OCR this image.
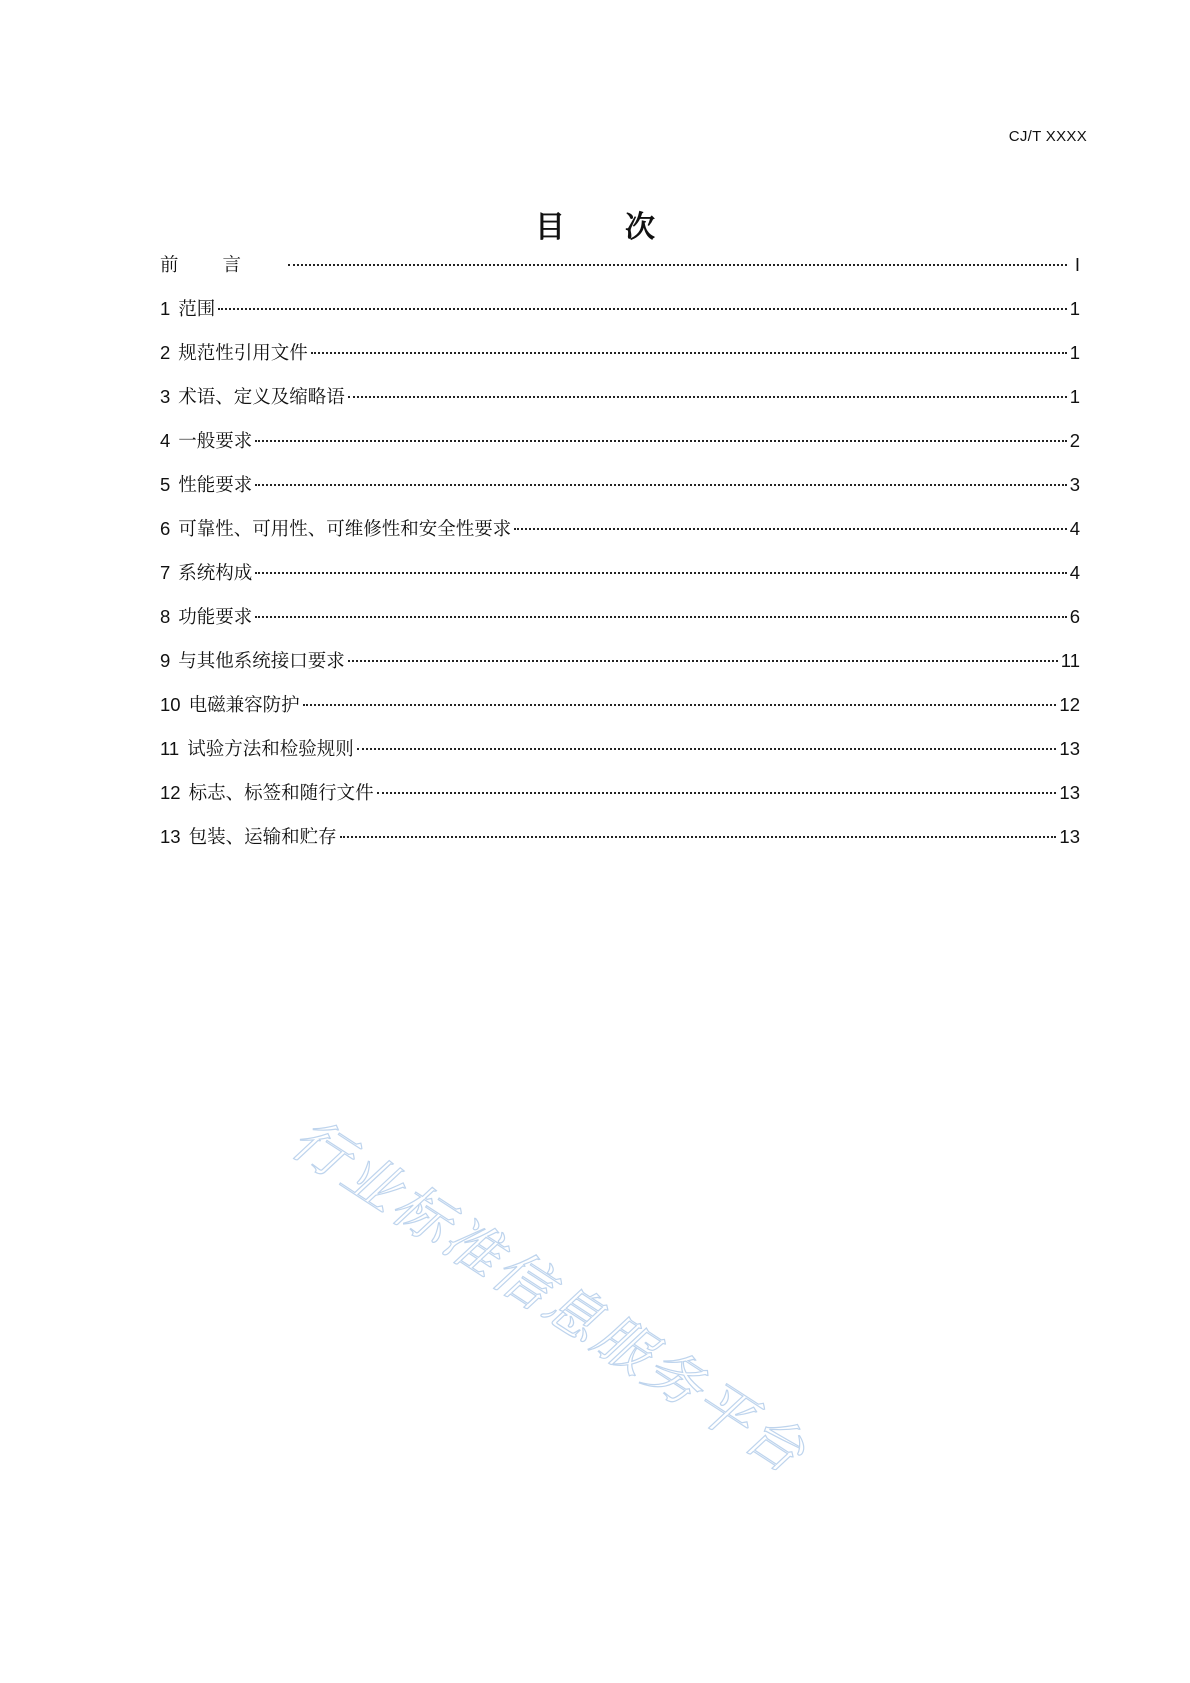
CJ/T XXXX
目次
前言	I
1 范围	1
2 规范性引用文件	1
3 术语、定义及缩略语	1
4 一般要求	2
5 性能要求	3
6 可靠性、可用性、可维修性和安全性要求	4
7 系统构成	4
8 功能要求	6
9 与其他系统接口要求	11
10 电磁兼容防护	12
11 试验方法和检验规则	13
12 标志、标签和随行文件	13
13 包装、运输和贮存	13
行业标准信息服务平台
